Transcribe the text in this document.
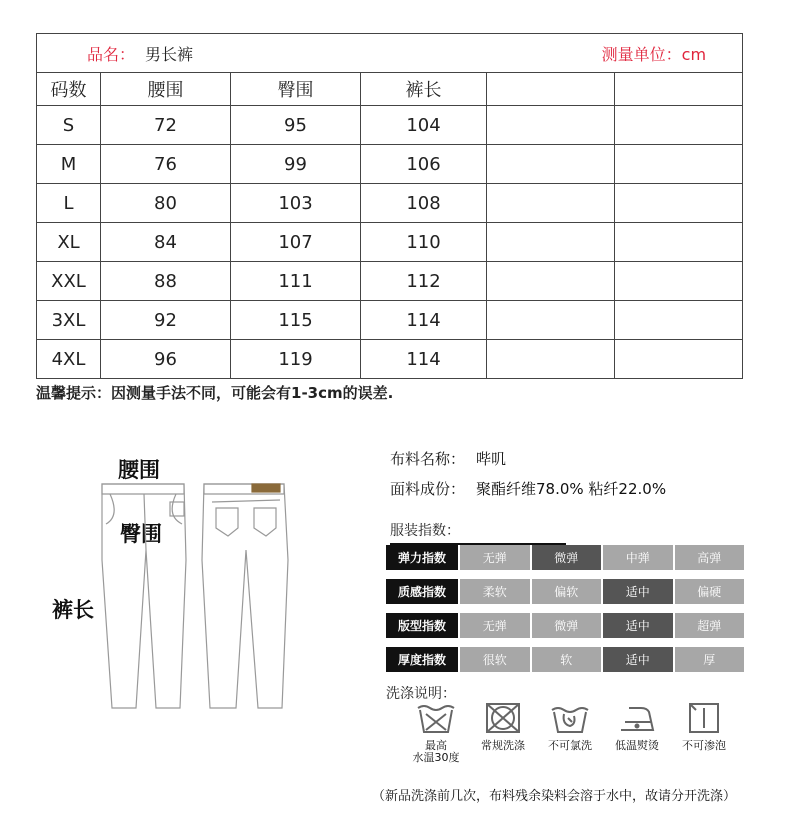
品名： 男长裤 测量单位：cm					

码数	腰围	臀围	裤长		
S	72	95	104		
M	76	99	106		
L	80	103	108		
XL	84	107	110		
XXL	88	111	112		
3XL	92	115	114		
4XL	96	119	114		
温馨提示：因测量手法不同，可能会有1-3cm的误差.
腰围
臀围
裤长
布料名称： 哔叽
面料成份： 聚酯纤维78.0% 粘纤22.0%
服装指数：
弹力指数	无弹	微弹	中弹	高弹
质感指数	柔软	偏软	适中	偏硬
版型指数	无弹	微弹	适中	超弹
厚度指数	很软	软	适中	厚
洗涤说明：
最高
水温30度
常规洗涤	不可氯洗	低温熨烫	不可渗泡
（新品洗涤前几次，布料残余染料会溶于水中，故请分开洗涤）
